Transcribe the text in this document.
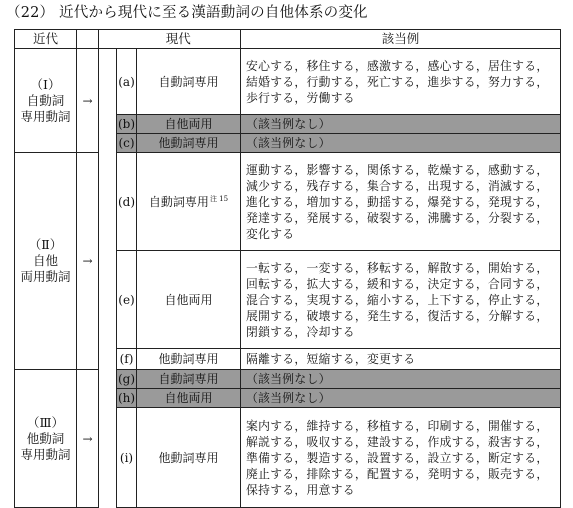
（22） 近代から現代に至る漢語動詞の自他体系の変化
近代			現代		該当例

（Ⅰ）
自動詞
専用動詞	→		(a)	自動詞専用	安心する，移住する，感激する，感心する，居住する，結婚する，行動する，死亡する，進歩する，努力する，歩行する，労働する
			(b)	自他両用	（該当例なし）
			(c)	他動詞専用	（該当例なし）

（Ⅱ）
自他
両用動詞	→		(d)	自動詞専用$^{注 15}$	運動する，影響する，関係する，乾燥する，感動する，減少する，残存する，集合する，出現する，消滅する，進化する，増加する，動揺する，爆発する，発現する，発達する，発展する，破裂する，沸騰する，分裂する，変化する
			(e)	自他両用	一転する，一変する，移転する，解散する，開始する，回転する，拡大する，緩和する，決定する，合同する，混合する，実現する，縮小する，上下する，停止する，展開する，破壊する，発生する，復活する，分解する，閉鎖する，冷却する
			(f)	他動詞専用	隔離する，短縮する，変更する

（Ⅲ）
他動詞
専用動詞	→		(g)	自動詞専用	（該当例なし）
			(h)	自他両用	（該当例なし）
			(i)	他動詞専用	案内する，維持する，移植する，印刷する，開催する，解説する，吸収する，建設する，作成する，殺害する，準備する，製造する，設置する，設立する，断定する，廃止する，排除する，配置する，発明する，販売する，保持する，用意する
